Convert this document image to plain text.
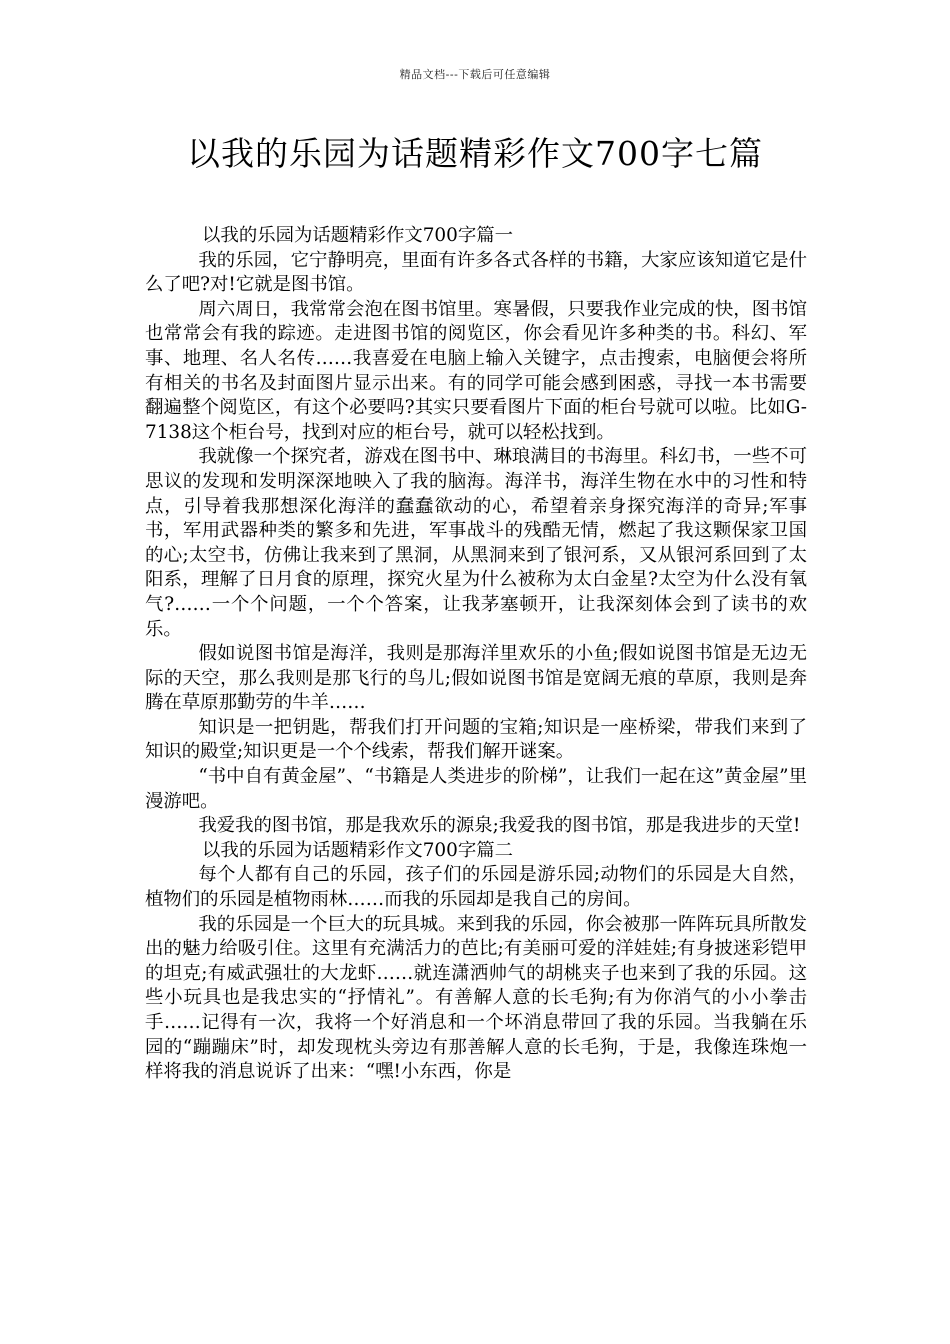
精品文档---下载后可任意编辑
以我的乐园为话题精彩作文700字七篇

以我的乐园为话题精彩作文700字篇一

我的乐园，它宁静明亮，里面有许多各式各样的书籍，大家应该知道它是什么了吧?对!它就是图书馆。

周六周日，我常常会泡在图书馆里。寒暑假，只要我作业完成的快，图书馆也常常会有我的踪迹。走进图书馆的阅览区，你会看见许多种类的书。科幻、军事、地理、名人名传……我喜爱在电脑上输入关键字，点击搜索，电脑便会将所有相关的书名及封面图片显示出来。有的同学可能会感到困惑，寻找一本书需要翻遍整个阅览区，有这个必要吗?其实只要看图片下面的柜台号就可以啦。比如G-7138这个柜台号，找到对应的柜台号，就可以轻松找到。

我就像一个探究者，游戏在图书中、琳琅满目的书海里。科幻书，一些不可思议的发现和发明深深地映入了我的脑海。海洋书，海洋生物在水中的习性和特点，引导着我那想深化海洋的蠢蠢欲动的心，希望着亲身探究海洋的奇异;军事书，军用武器种类的繁多和先进，军事战斗的残酷无情，燃起了我这颗保家卫国的心;太空书，仿佛让我来到了黑洞，从黑洞来到了银河系，又从银河系回到了太阳系，理解了日月食的原理，探究火星为什么被称为太白金星?太空为什么没有氧气?……一个个问题，一个个答案，让我茅塞顿开，让我深刻体会到了读书的欢乐。

假如说图书馆是海洋，我则是那海洋里欢乐的小鱼;假如说图书馆是无边无际的天空，那么我则是那飞行的鸟儿;假如说图书馆是宽阔无痕的草原，我则是奔腾在草原那勤劳的牛羊……

知识是一把钥匙，帮我们打开问题的宝箱;知识是一座桥梁，带我们来到了知识的殿堂;知识更是一个个线索，帮我们解开谜案。

“书中自有黄金屋”、“书籍是人类进步的阶梯”，让我们一起在这”黄金屋”里漫游吧。

我爱我的图书馆，那是我欢乐的源泉;我爱我的图书馆，那是我进步的天堂!

以我的乐园为话题精彩作文700字篇二

每个人都有自己的乐园，孩子们的乐园是游乐园;动物们的乐园是大自然，植物们的乐园是植物雨林……而我的乐园却是我自己的房间。

我的乐园是一个巨大的玩具城。来到我的乐园，你会被那一阵阵玩具所散发出的魅力给吸引住。这里有充满活力的芭比;有美丽可爱的洋娃娃;有身披迷彩铠甲的坦克;有威武强壮的大龙虾……就连潇洒帅气的胡桃夹子也来到了我的乐园。这些小玩具也是我忠实的“抒情礼”。有善解人意的长毛狗;有为你消气的小小拳击手……记得有一次，我将一个好消息和一个坏消息带回了我的乐园。当我躺在乐园的“蹦蹦床”时，却发现枕头旁边有那善解人意的长毛狗，于是，我像连珠炮一样将我的消息说诉了出来：“嘿!小东西，你是
